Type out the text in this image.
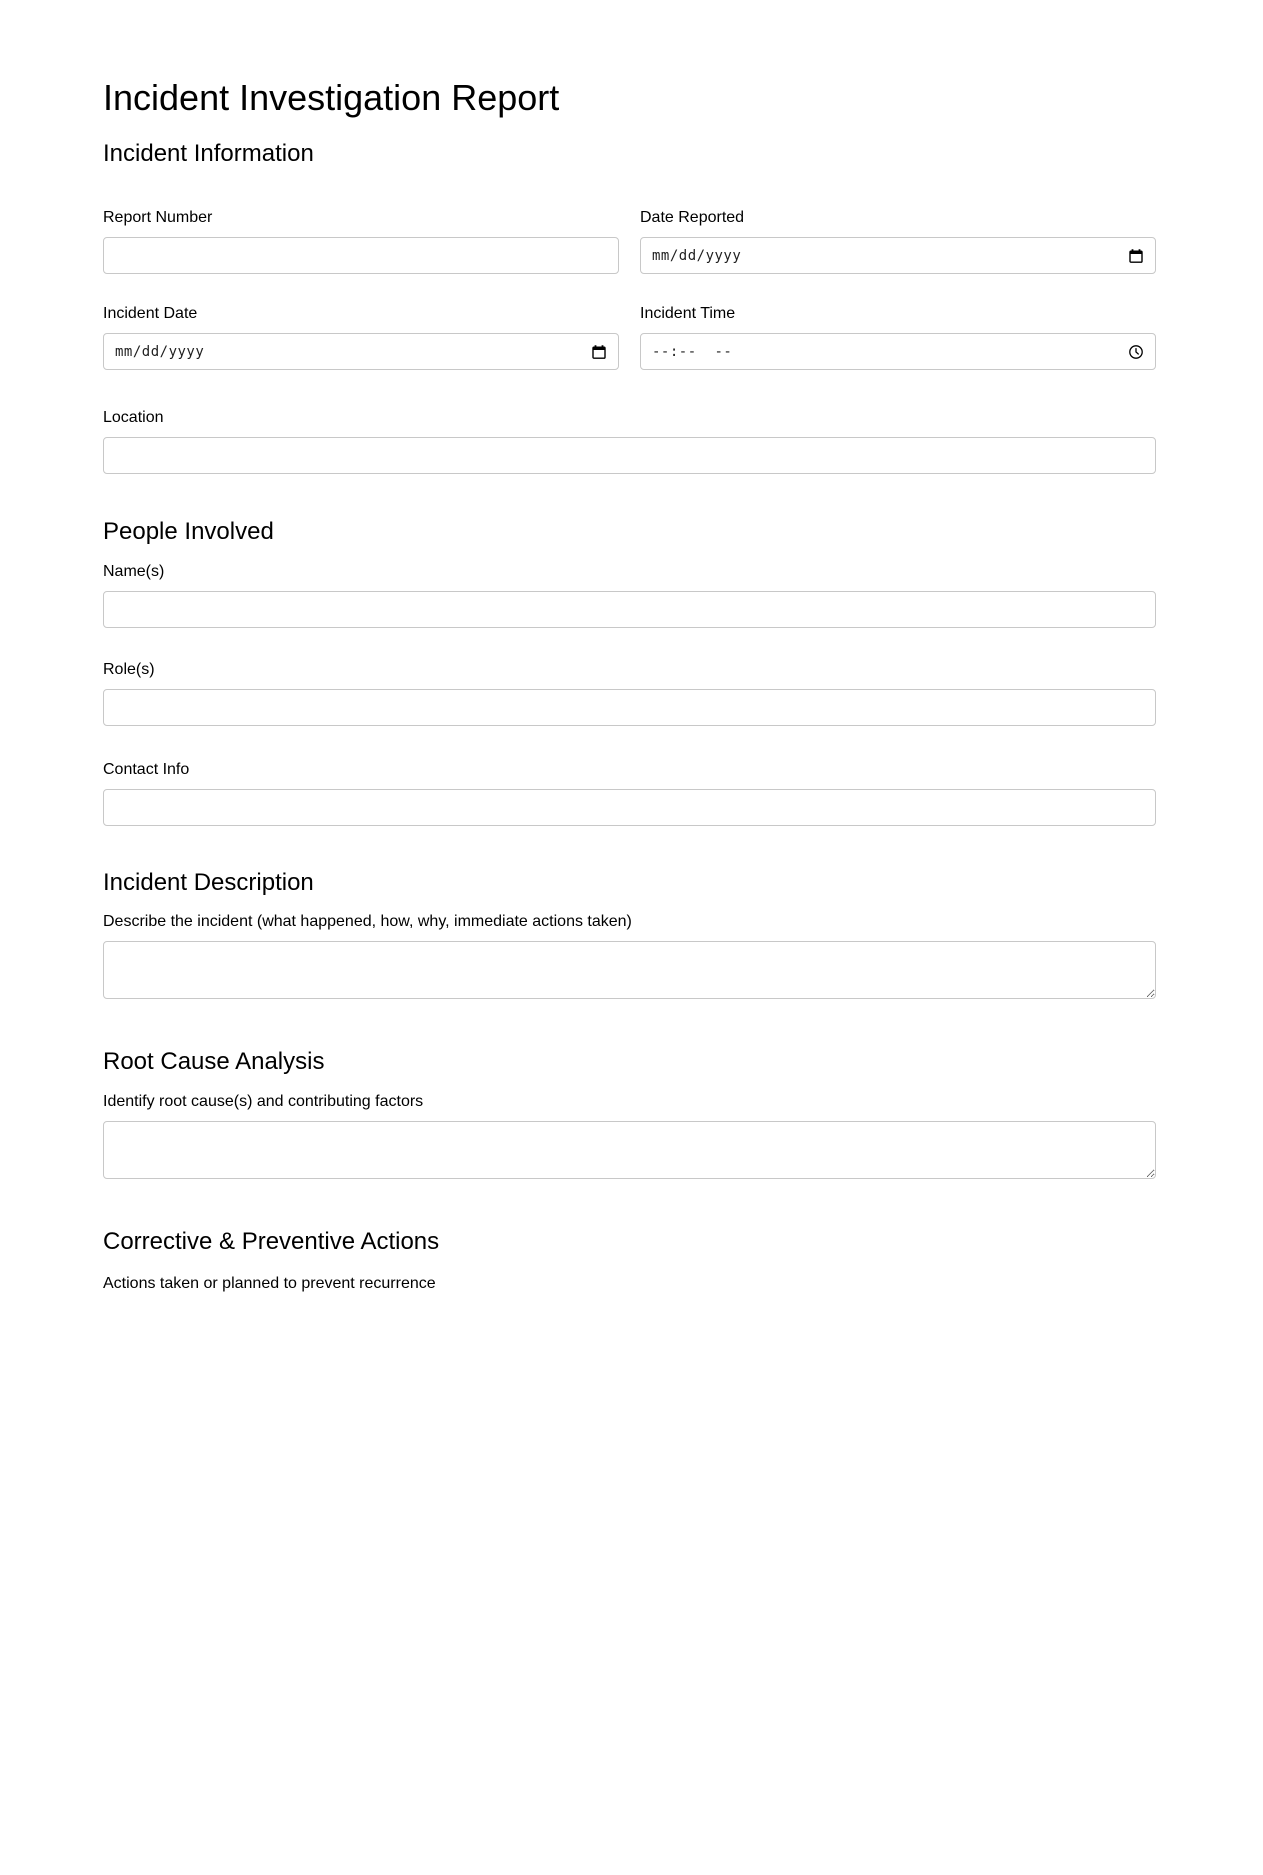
Incident Investigation Report
Incident Information
Report Number	Date Reported
mm/dd/yyyy
Incident Date
mm/dd/yyyy
Incident Time
--:--  --
Location
People Involved
Name(s)
Role(s)
Contact Info
Incident Description
Describe the incident (what happened, how, why, immediate actions taken)
Root Cause Analysis
Identify root cause(s) and contributing factors
Corrective & Preventive Actions
Actions taken or planned to prevent recurrence
